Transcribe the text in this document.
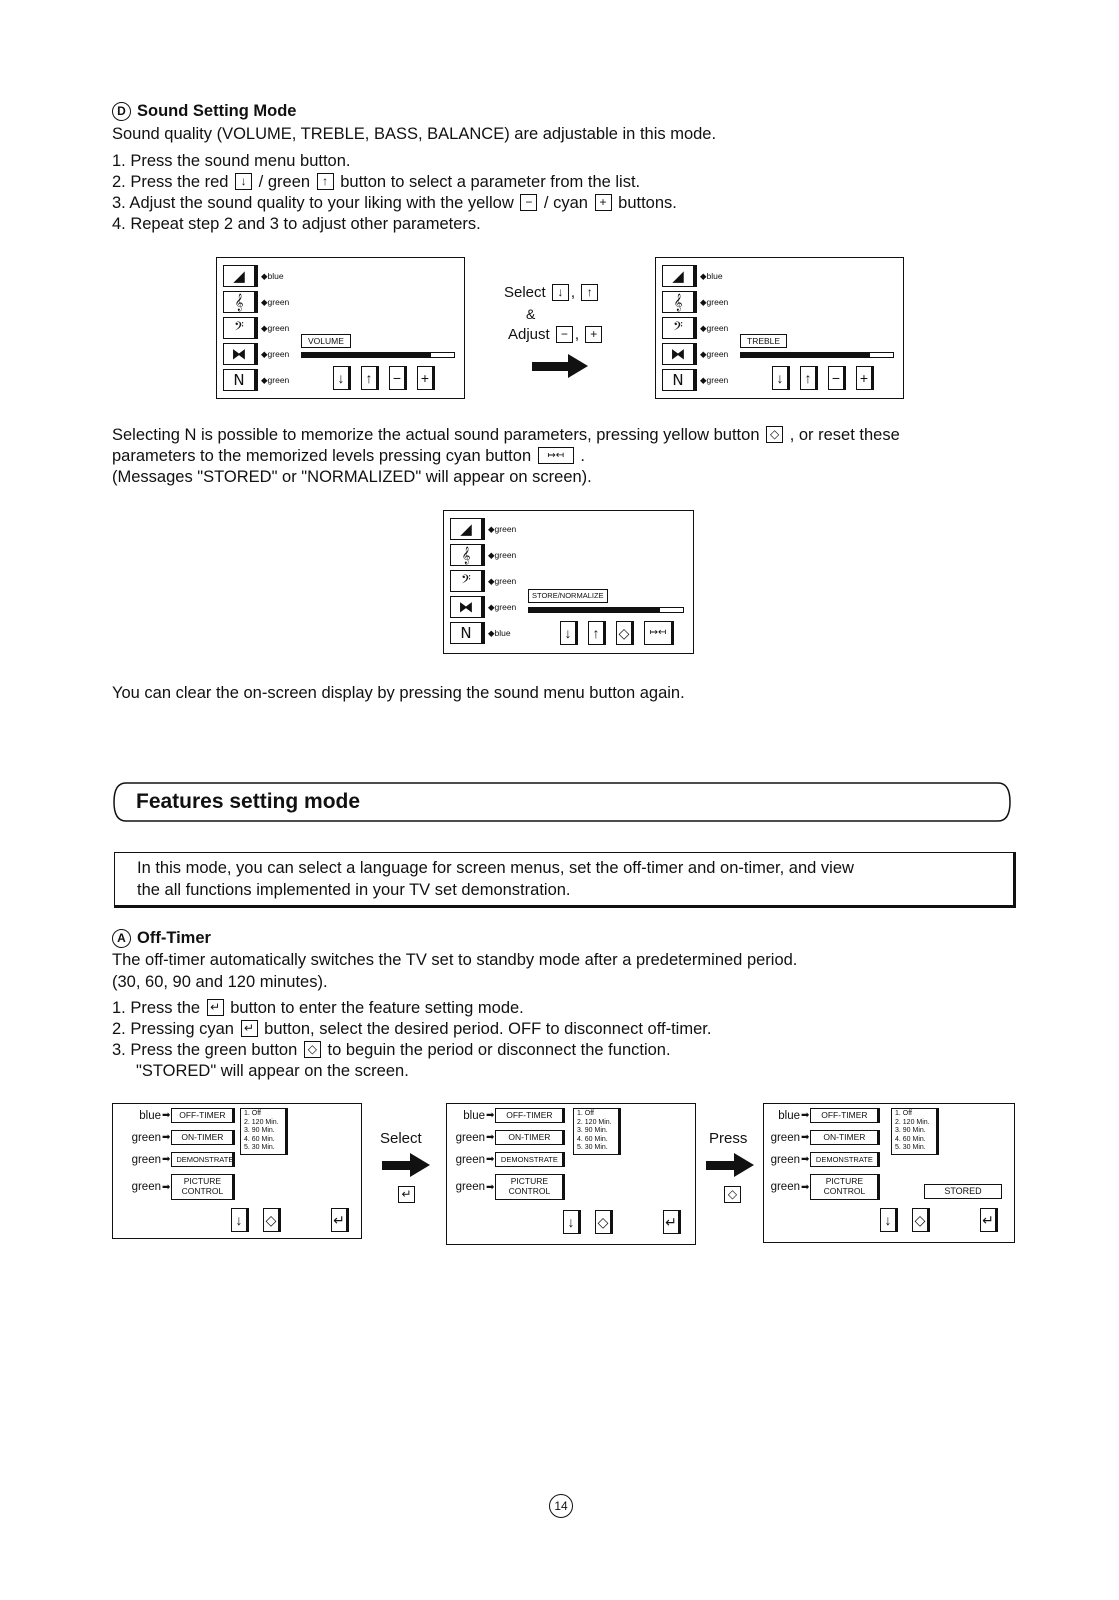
D Sound Setting Mode
Sound quality (VOLUME, TREBLE, BASS, BALANCE) are adjustable in this mode.
1. Press the sound menu button.
2. Press the red ↓ / green ↑ button to select a parameter from the list.
3. Adjust the sound quality to your liking with the yellow − / cyan + buttons.
4. Repeat step 2 and 3 to adjust other parameters.
◢	◆blue
𝄞	◆green
𝄢	◆green
⧓	◆green
N	◆green
VOLUME
↓	↑	−	+
Select ↓ , ↑
&
Adjust − , +
◢	◆blue
𝄞	◆green
𝄢	◆green
⧓	◆green
N	◆green
TREBLE
↓	↑	−	+
Selecting N is possible to memorize the actual sound parameters, pressing yellow button ◇ , or reset these
parameters to the memorized levels pressing cyan button ↦↤ .
(Messages "STORED" or "NORMALIZED" will appear on screen).
◢	◆green
𝄞	◆green
𝄢	◆green
⧓	◆green
N	◆blue
STORE/NORMALIZE
↓	↑	◇	↦↤
You can clear the on-screen display by pressing the sound menu button again.
Features setting mode
In this mode, you can select a language for screen menus, set the off-timer and on-timer, and view
the all functions implemented in your TV set demonstration.
A Off-Timer
The off-timer automatically switches the TV set to standby mode after a predetermined period.
(30, 60, 90 and 120 minutes).
1. Press the ↵ button to enter the feature setting mode.
2. Pressing cyan ↵ button, select the desired period. OFF to disconnect off-timer.
3. Press the green button ◇ to beguin the period or disconnect the function.
"STORED" will appear on the screen.
blue ➡	OFF-TIMER
green ➡	ON-TIMER
green ➡ DEMONSTRATE
green ➡
PICTURE CONTROL
1. Off
2. 120 Min.
3. 90 Min.
4. 60 Min.
5. 30 Min.
↓	◇	↵
Select
↵
blue ➡	OFF-TIMER
green ➡	ON-TIMER
green ➡ DEMONSTRATE
green ➡
PICTURE CONTROL
1. Off
2. 120 Min.
3. 90 Min.
4. 60 Min.
5. 30 Min.
↓	◇	↵
Press
◇
blue ➡	OFF-TIMER
green ➡	ON-TIMER
green ➡ DEMONSTRATE
green ➡
PICTURE CONTROL
1. Off
2. 120 Min.
3. 90 Min.
4. 60 Min.
5. 30 Min.
STORED
↓	◇	↵
14
